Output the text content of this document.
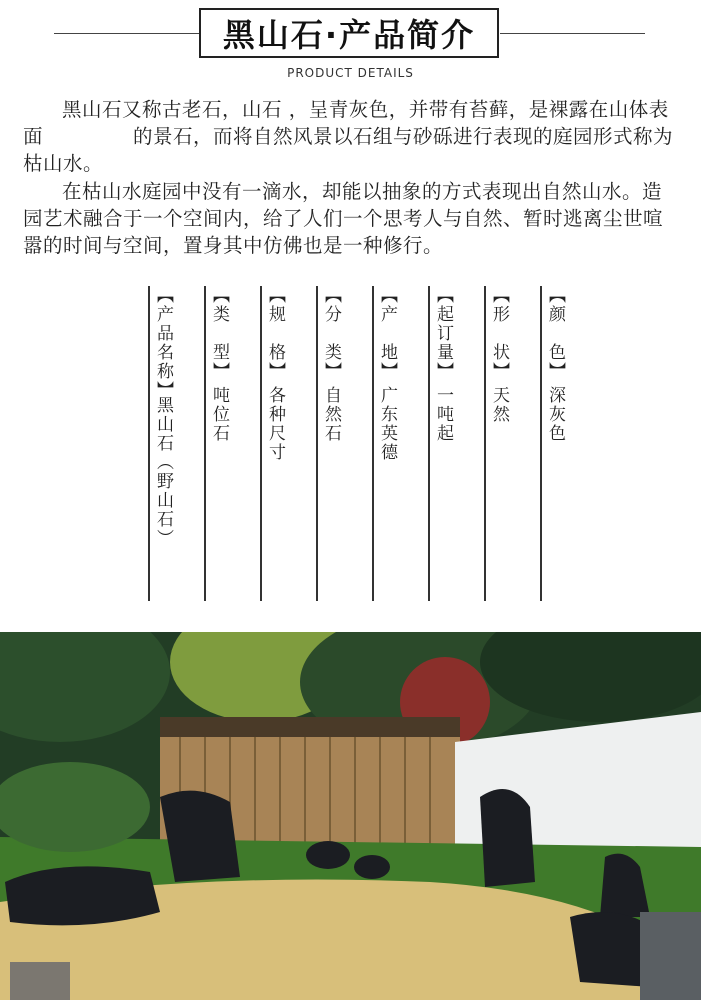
黑山石·产品简介
PRODUCT DETAILS

黑山石又称古老石，山石 ，呈青灰色，并带有苔藓，是裸露在山体表面	的景石，而将自然风景以石组与砂砾进行表现的庭园形式称为枯山水。

在枯山水庭园中没有一滴水，却能以抽象的方式表现出自然山水。造园艺术融合于一个空间内，给了人们一个思考人与自然、暂时逃离尘世喧嚣的时间与空间，置身其中仿佛也是一种修行。

【产品名称】
黑山石（野山石）
【类　型】
吨位石
【规　格】
各种尺寸
【分　类】
自然石
【产　地】
广东英德
【起订量】
一吨起
【形　状】
天然
【颜　色】
深灰色
